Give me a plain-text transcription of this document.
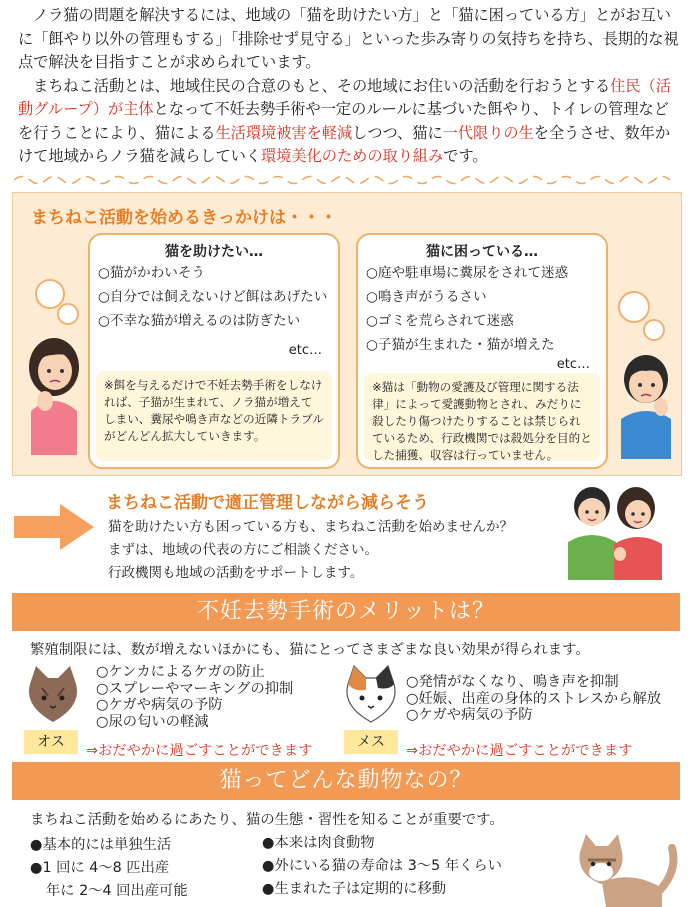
ノラ猫の問題を解決するには、地域の「猫を助けたい方」と「猫に困っている方」とがお互いに「餌やり以外の管理もする」「排除せず見守る」といった歩み寄りの気持ちを持ち、長期的な視点で解決を目指すことが求められています。

まちねこ活動とは、地域住民の合意のもと、その地域にお住いの活動を行おうとする住民（活動グループ）が主体となって不妊去勢手術や一定のルールに基づいた餌やり、トイレの管理などを行うことにより、猫による生活環境被害を軽減しつつ、猫に一代限りの生を全うさせ、数年かけて地域からノラ猫を減らしていく環境美化のための取り組みです。

まちねこ活動を始めるきっかけは・・・
猫を助けたい…
○猫がかわいそう
○自分では飼えないけど餌はあげたい
○不幸な猫が増えるのは防ぎたい
etc…
※餌を与えるだけで不妊去勢手術をしなければ、子猫が生まれて、ノラ猫が増えてしまい、糞尿や鳴き声などの近隣トラブルがどんどん拡大していきます。
猫に困っている…
○庭や駐車場に糞尿をされて迷惑
○鳴き声がうるさい
○ゴミを荒らされて迷惑
○子猫が生まれた・猫が増えた
etc…
※猫は「動物の愛護及び管理に関する法律」によって愛護動物とされ、みだりに殺したり傷つけたりすることは禁じられているため、行政機関では殺処分を目的とした捕獲、収容は行っていません。
まちねこ活動で適正管理しながら減らそう
猫を助けたい方も困っている方も、まちねこ活動を始めませんか？
まずは、地域の代表の方にご相談ください。
行政機関も地域の活動をサポートします。
不妊去勢手術のメリットは？
繁殖制限には、数が増えないほかにも、猫にとってさまざまな良い効果が得られます。
オス
○ケンカによるケガの防止
○スプレーやマーキングの抑制
○ケガや病気の予防
○尿の匂いの軽減
⇒おだやかに過ごすことができます
メス
○発情がなくなり、鳴き声を抑制
○妊娠、出産の身体的ストレスから解放
○ケガや病気の予防
⇒おだやかに過ごすことができます
猫ってどんな動物なの？
まちねこ活動を始めるにあたり、猫の生態・習性を知ることが重要です。
●基本的には単独生活
●1 回に 4～8 匹出産
年に 2～4 回出産可能
●本来は肉食動物
●外にいる猫の寿命は 3～5 年くらい
●生まれた子は定期的に移動
